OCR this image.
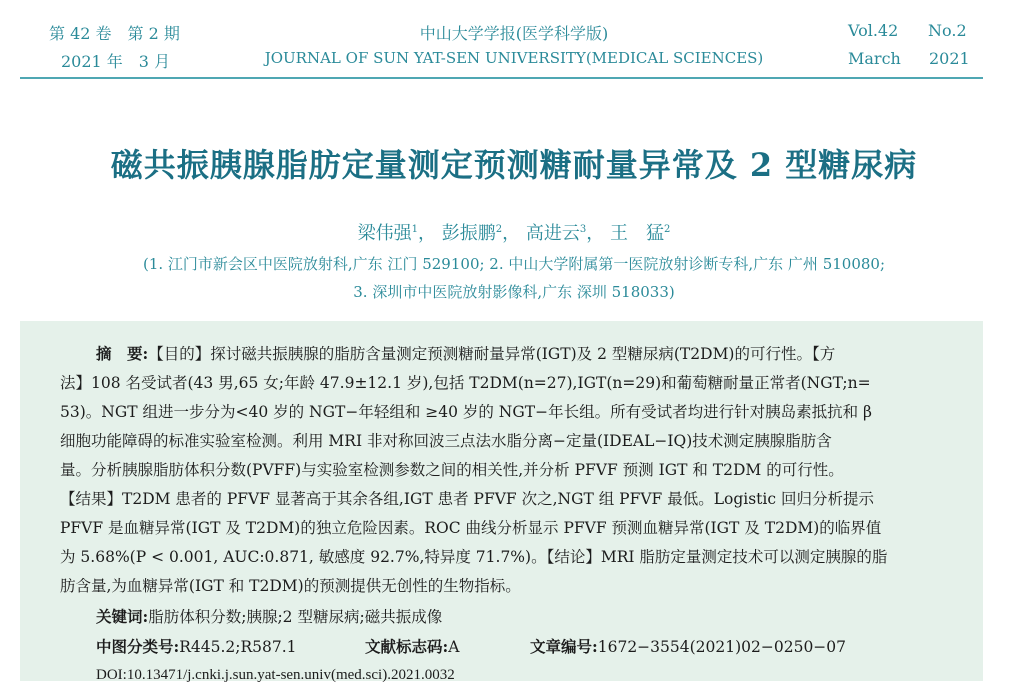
第 42 卷　第 2 期
2021 年　3 月
中山大学学报(医学科学版)
JOURNAL OF SUN YAT-SEN UNIVERSITY(MEDICAL SCIENCES)
Vol.42 No.2
March 2021
磁共振胰腺脂肪定量测定预测糖耐量异常及 2 型糖尿病
梁伟强$^1$， 彭振鹏$^2$， 高进云$^3$， 王　猛$^2$
(1. 江门市新会区中医院放射科,广东 江门 529100; 2. 中山大学附属第一医院放射诊断专科,广东 广州 510080;
3. 深圳市中医院放射影像科,广东 深圳 518033)
摘　要:【目的】探讨磁共振胰腺的脂肪含量测定预测糖耐量异常(IGT)及 2 型糖尿病(T2DM)的可行性。【方
法】108 名受试者(43 男,65 女;年龄 47.9±12.1 岁),包括 T2DM(n=27),IGT(n=29)和葡萄糖耐量正常者(NGT;n=
53)。NGT 组进一步分为<40 岁的 NGT−年轻组和 ≥40 岁的 NGT−年长组。所有受试者均进行针对胰岛素抵抗和 β
细胞功能障碍的标准实验室检测。利用 MRI 非对称回波三点法水脂分离−定量(IDEAL−IQ)技术测定胰腺脂肪含
量。分析胰腺脂肪体积分数(PVFF)与实验室检测参数之间的相关性,并分析 PFVF 预测 IGT 和 T2DM 的可行性。
【结果】T2DM 患者的 PFVF 显著高于其余各组,IGT 患者 PFVF 次之,NGT 组 PFVF 最低。Logistic 回归分析提示
PFVF 是血糖异常(IGT 及 T2DM)的独立危险因素。ROC 曲线分析显示 PFVF 预测血糖异常(IGT 及 T2DM)的临界值
为 5.68%(P < 0.001, AUC:0.871, 敏感度 92.7%,特异度 71.7%)。【结论】MRI 脂肪定量测定技术可以测定胰腺的脂
肪含量,为血糖异常(IGT 和 T2DM)的预测提供无创性的生物指标。
关键词:脂肪体积分数;胰腺;2 型糖尿病;磁共振成像
中图分类号:R445.2;R587.1	文献标志码:A	文章编号:1672−3554(2021)02−0250−07
DOI:10.13471/j.cnki.j.sun.yat-sen.univ(med.sci).2021.0032
